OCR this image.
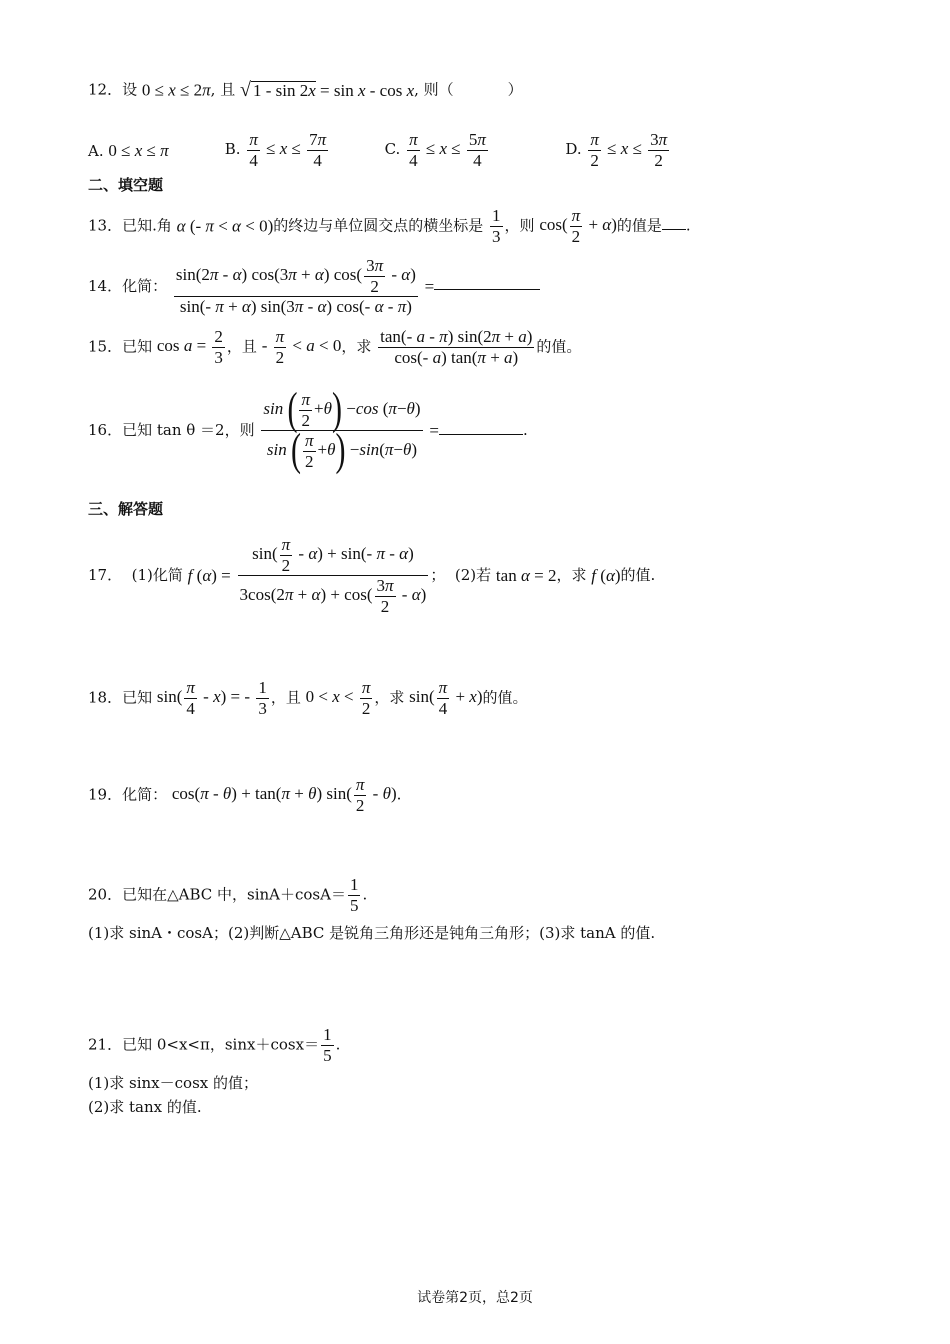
12．设 0 ≤ x ≤ 2π, 且 √ 1 - sin 2x = sin x - cos x, 则（	）
A. 0 ≤ x ≤ π	B. $\frac{\pi}{4} \le x \le \frac{7\pi}{4}$	C. $\frac{\pi}{4} \le x \le \frac{5\pi}{4}$	D. $\frac{\pi}{2} \le x \le \frac{3\pi}{2}$
二、填空题
13．已知.角 α (- π < α < 0)的终边与单位圆交点的横坐标是 $\frac{1}{3}$ ，则 $\cos( \frac{\pi}{2} + \alpha)$的值是 .
14．化简： $\frac{\sin(2\pi - \alpha) \cos(3\pi + \alpha) \cos( \frac{3\pi}{2} - \alpha)}{\sin(- \pi + \alpha) \sin(3\pi - \alpha) \cos(- \alpha - \pi)}$ =
15．已知 $\cos a = \frac{2}{3}$ ，且 - $\frac{\pi}{2} < a < 0$，求 $\frac{\tan(- a - \pi) \sin(2\pi + a)}{\cos(- a) \tan(\pi + a)}$ 的值。
16．已知 tan θ ＝2，则 $\frac{\sin ( \frac{\pi}{2} +\theta) -\cos (\pi-\theta)}{\sin ( \frac{\pi}{2} +\theta) -\sin(\pi-\theta)}$ =	.
三、解答题
17． (1)化简 f $(\alpha) = \frac{\sin( \frac{\pi}{2} - \alpha) + \sin(- \pi - \alpha)}{3\cos(2\pi + \alpha) + \cos( \frac{3\pi}{2} - \alpha)}$ ； (2)若 tan α = 2，求 f (α)的值.
18．已知 $\sin( \frac{\pi}{4} - x)$ = - $\frac{1}{3}$ ，且 $0 < x < \frac{\pi}{2}$ ，求 $\sin( \frac{\pi}{4} + x)$的值。
19．化简： cos(π - θ) + tan(π + θ) $\sin( \frac{\pi}{2} - \theta)$.
20．已知在△ABC 中，$\sin A+\cos A= \frac{1}{5}$ .
(1)求 sinA・cosA；(2)判断△ABC 是锐角三角形还是钝角三角形；(3)求 tanA 的值.
21．已知 0<x<π，$\sin x+\cos x= \frac{1}{5}$ .
(1)求 sinx－cosx 的值；
(2)求 tanx 的值.
试卷第2页，总2页
